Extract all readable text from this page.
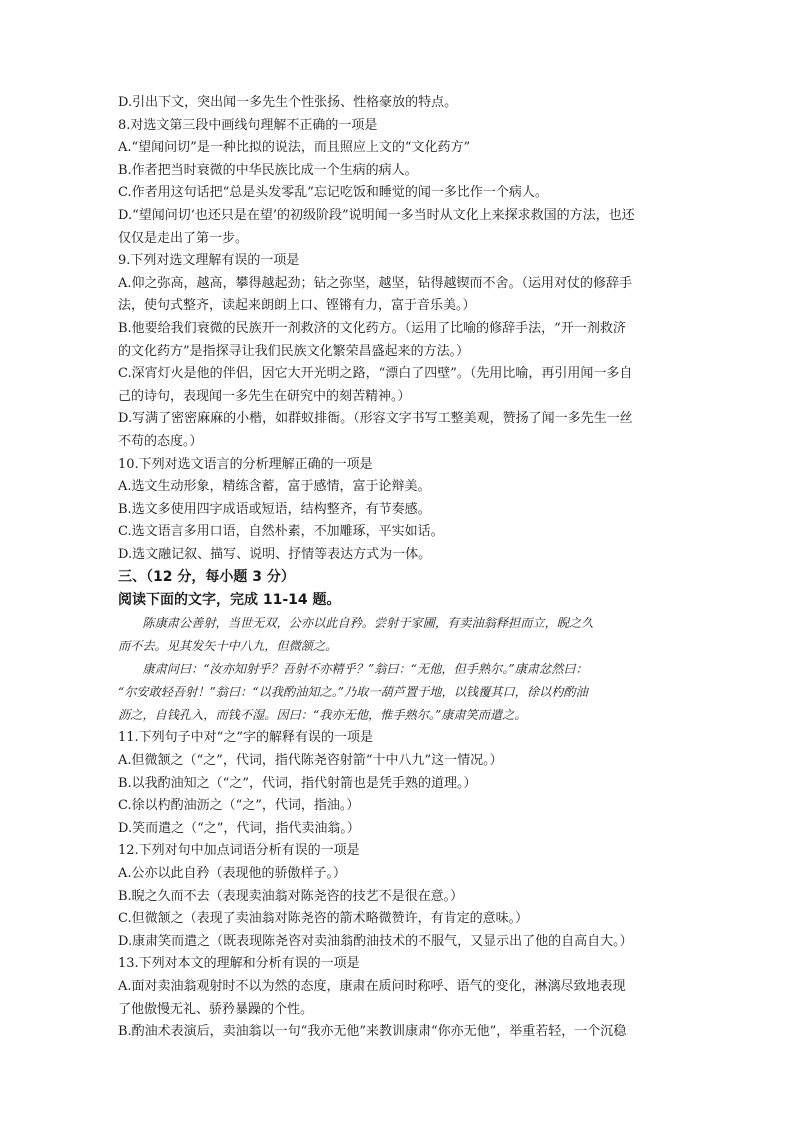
D.引出下文，突出闻一多先生个性张扬、性格豪放的特点。
8.对选文第三段中画线句理解不正确的一项是
A.“望闻问切”是一种比拟的说法，而且照应上文的“文化药方”
B.作者把当时衰微的中华民族比成一个生病的病人。
C.作者用这句话把“总是头发零乱”忘记吃饭和睡觉的闻一多比作一个病人。
D.“望闻问切‘也还只是在望’的初级阶段”说明闻一多当时从文化上来探求救国的方法，也还
仅仅是走出了第一步。
9.下列对选文理解有误的一项是
A.仰之弥高，越高，攀得越起劲；钻之弥坚，越坚，钻得越锲而不舍。（运用对仗的修辞手
法，使句式整齐，读起来朗朗上口、铿锵有力，富于音乐美。）
B.他要给我们衰微的民族开一剂救济的文化药方。（运用了比喻的修辞手法，“开一剂救济
的文化药方”是指探寻让我们民族文化繁荣昌盛起来的方法。）
C.深宵灯火是他的伴侣，因它大开光明之路，“漂白了四壁”。（先用比喻，再引用闻一多自
己的诗句，表现闻一多先生在研究中的刻苦精神。）
D.写满了密密麻麻的小楷，如群蚁排衙。（形容文字书写工整美观，赞扬了闻一多先生一丝
不苟的态度。）
10.下列对选文语言的分析理解正确的一项是
A.选文生动形象，精练含蓄，富于感情，富于论辩美。
B.选文多使用四字成语或短语，结构整齐，有节奏感。
C.选文语言多用口语，自然朴素，不加雕琢，平实如话。
D.选文融记叙、描写、说明、抒情等表达方式为一体。
三、（12 分，每小题 3 分）
阅读下面的文字，完成 11-14 题。

陈康肃公善射，当世无双，公亦以此自矜。尝射于家圃，有卖油翁释担而立，睨之久
而不去。见其发矢十中八九，但微颔之。

康肃问曰：“汝亦知射乎？吾射不亦精乎？”翁曰：“无他，但手熟尔。”康肃忿然曰：
“尔安敢轻吾射！”翁曰：“以我酌油知之。”乃取一葫芦置于地，以钱覆其口，徐以杓酌油
沥之，自钱孔入，而钱不湿。因曰：“我亦无他，惟手熟尔。”康肃笑而遣之。

11.下列句子中对“之”字的解释有误的一项是
A.但微颔之（“之”，代词，指代陈尧咨射箭“十中八九”这一情况。）
B.以我酌油知之（“之”，代词，指代射箭也是凭手熟的道理。）
C.徐以杓酌油沥之（“之”，代词，指油。）
D.笑而遣之（“之”，代词，指代卖油翁。）
12.下列对句中加点词语分析有误的一项是
A.公亦以此自矜（表现他的骄傲样子。）
B.睨之久而不去（表现卖油翁对陈尧咨的技艺不是很在意。）
C.但微颔之（表现了卖油翁对陈尧咨的箭术略微赞许，有肯定的意味。）
D.康肃笑而遣之（既表现陈尧咨对卖油翁酌油技术的不服气，又显示出了他的自高自大。）
13.下列对本文的理解和分析有误的一项是
A.面对卖油翁观射时不以为然的态度，康肃在质问时称呼、语气的变化，淋漓尽致地表现
了他傲慢无礼、骄矜暴躁的个性。
B.酌油术表演后，卖油翁以一句“我亦无他”来教训康肃“你亦无他”，举重若轻，一个沉稳
